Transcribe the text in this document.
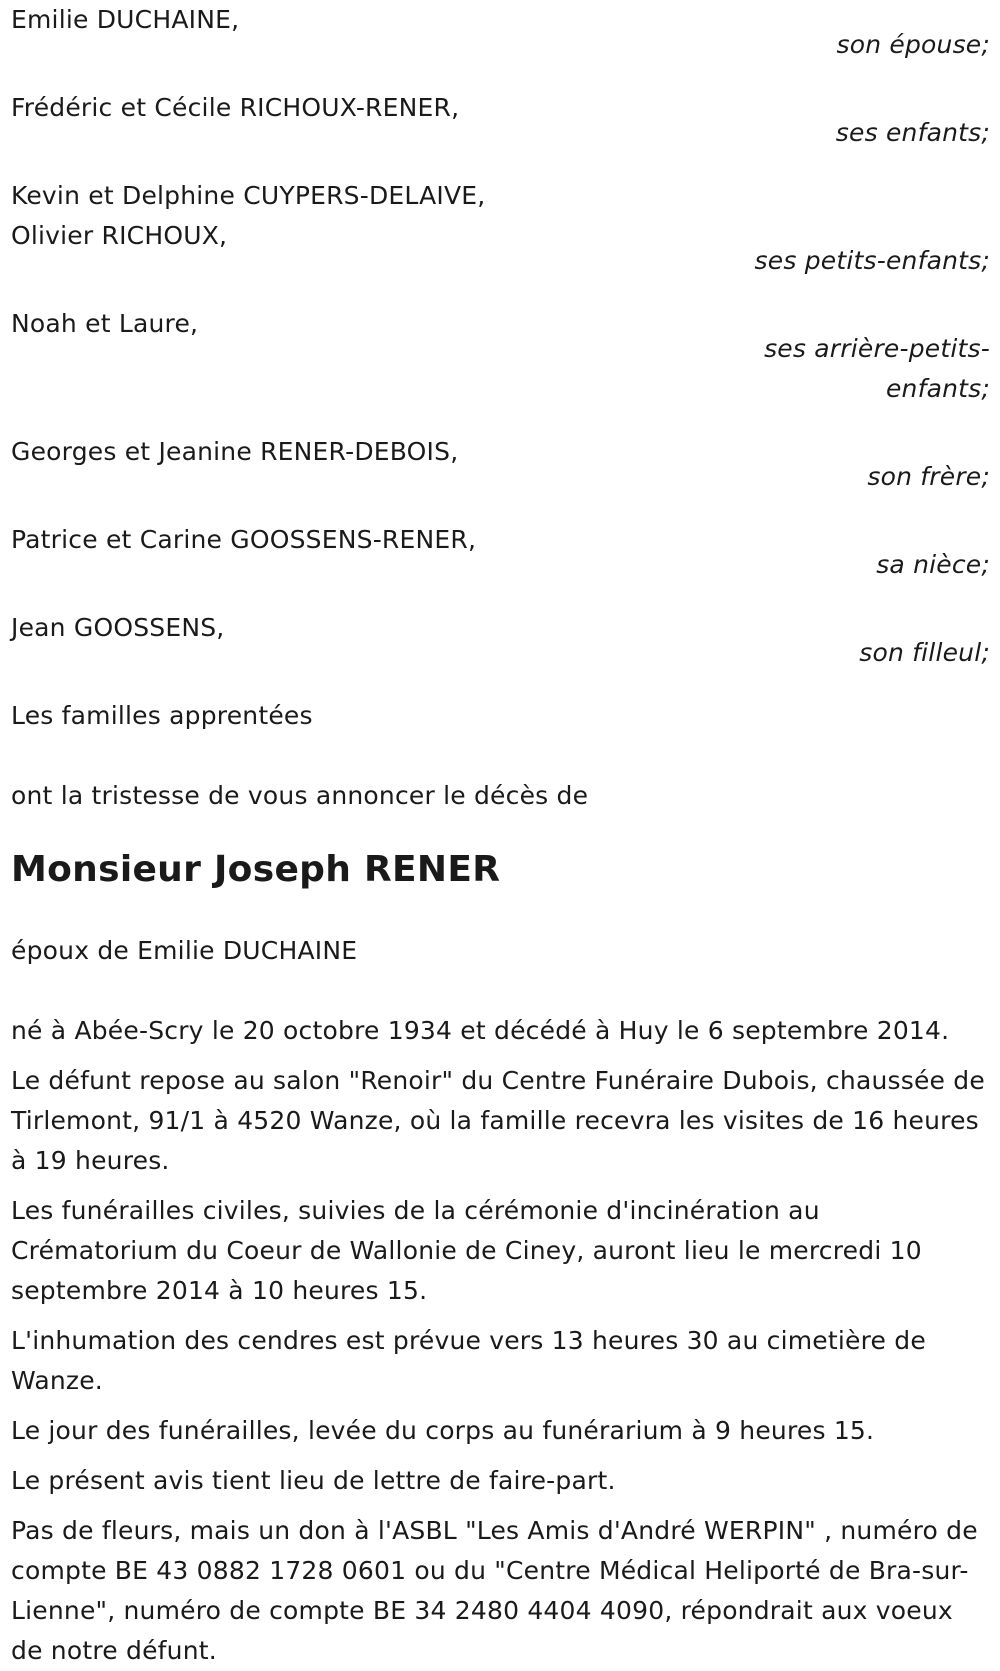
Emilie DUCHAINE,
son épouse;
Frédéric et Cécile RICHOUX-RENER,
ses enfants;
Kevin et Delphine CUYPERS-DELAIVE,
Olivier RICHOUX,
ses petits-enfants;
Noah et Laure,
ses arrière-petits-enfants;
Georges et Jeanine RENER-DEBOIS,
son frère;
Patrice et Carine GOOSSENS-RENER,
sa nièce;
Jean GOOSSENS,
son filleul;
Les familles apprentées
ont la tristesse de vous annoncer le décès de
Monsieur Joseph RENER
époux de Emilie DUCHAINE

né à Abée-Scry le 20 octobre 1934 et décédé à Huy le 6 septembre 2014.

Le défunt repose au salon "Renoir" du Centre Funéraire Dubois, chaussée de Tirlemont, 91/1 à 4520 Wanze, où la famille recevra les visites de 16 heures à 19 heures.

Les funérailles civiles, suivies de la cérémonie d'incinération au Crématorium du Coeur de Wallonie de Ciney, auront lieu le mercredi 10 septembre 2014 à 10 heures 15.

L'inhumation des cendres est prévue vers 13 heures 30 au cimetière de Wanze.

Le jour des funérailles, levée du corps au funérarium à 9 heures 15.

Le présent avis tient lieu de lettre de faire-part.

Pas de fleurs, mais un don à l'ASBL "Les Amis d'André WERPIN" , numéro de compte BE 43 0882 1728 0601 ou du "Centre Médical Heliporté de Bra-sur-Lienne", numéro de compte BE 34 2480 4404 4090, répondrait aux voeux de notre défunt.
